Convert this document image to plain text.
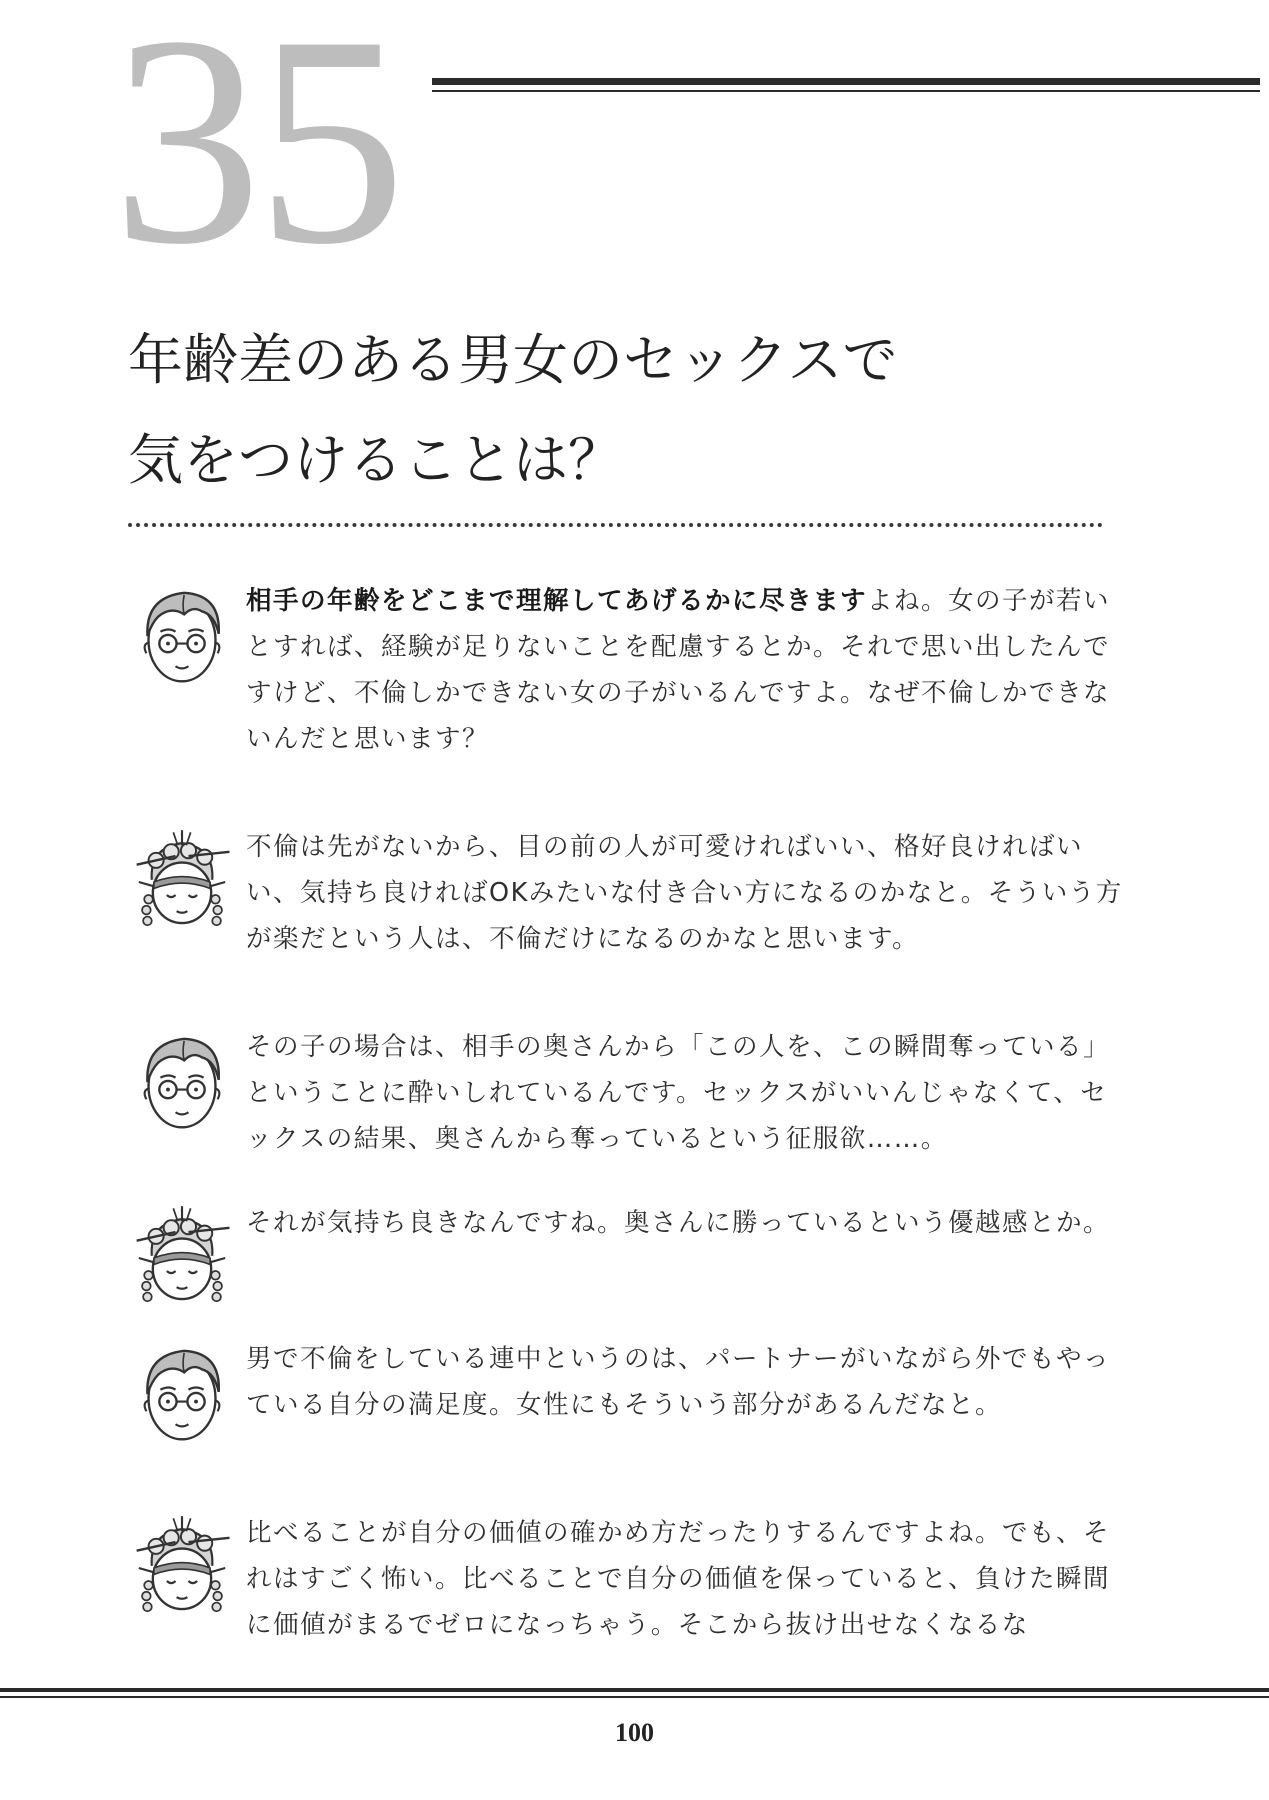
35
年齢差のある男女のセックスで
気をつけることは？

相手の年齢をどこまで理解してあげるかに尽きますよね。女の子が若いとすれば、経験が足りないことを配慮するとか。それで思い出したんですけど、不倫しかできない女の子がいるんですよ。なぜ不倫しかできないんだと思います？

不倫は先がないから、目の前の人が可愛ければいい、格好良ければいい、気持ち良ければOKみたいな付き合い方になるのかなと。そういう方が楽だという人は、不倫だけになるのかなと思います。

その子の場合は、相手の奥さんから「この人を、この瞬間奪っている」ということに酔いしれているんです。セックスがいいんじゃなくて、セックスの結果、奥さんから奪っているという征服欲……。

それが気持ち良きなんですね。奥さんに勝っているという優越感とか。

男で不倫をしている連中というのは、パートナーがいながら外でもやっている自分の満足度。女性にもそういう部分があるんだなと。

比べることが自分の価値の確かめ方だったりするんですよね。でも、それはすごく怖い。比べることで自分の価値を保っていると、負けた瞬間に価値がまるでゼロになっちゃう。そこから抜け出せなくなるな

100
